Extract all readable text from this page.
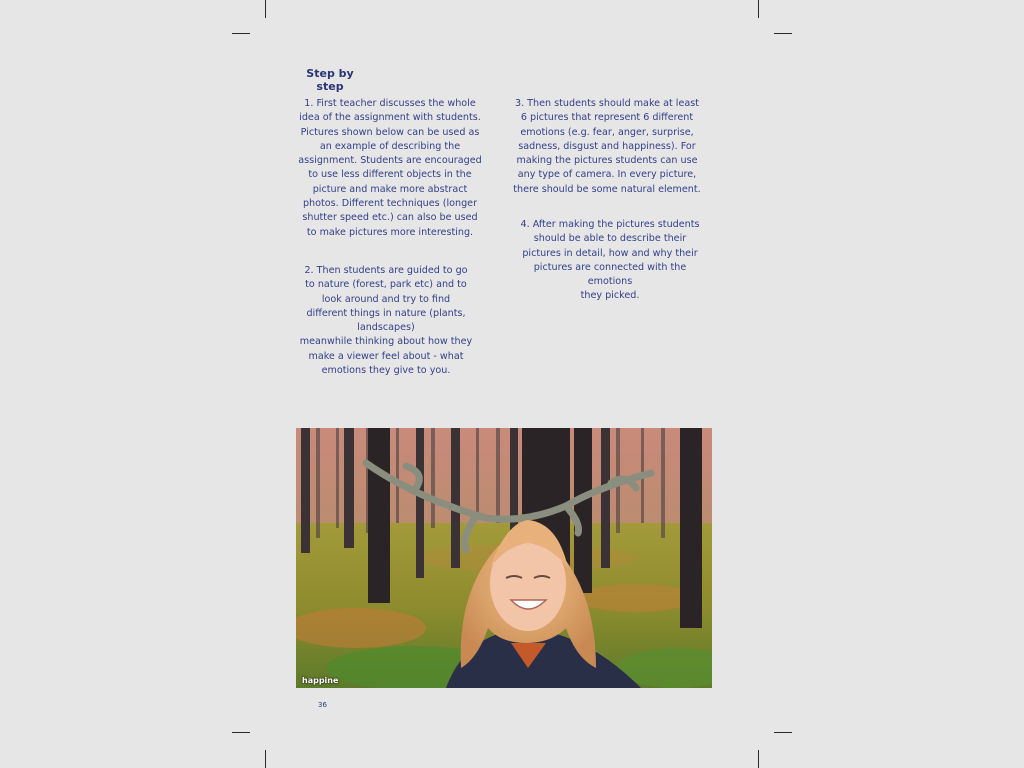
Step by
step
1. First teacher discusses the whole
idea of the assignment with students.
Pictures shown below can be used as
an example of describing the
assignment. Students are encouraged
to use less different objects in the
picture and make more abstract
photos. Different techniques (longer
shutter speed etc.) can also be used
to make pictures more interesting.
2. Then students are guided to go
to nature (forest, park etc) and to
look around and try to find
different things in nature (plants,
landscapes)
meanwhile thinking about how they
make a viewer feel about - what
emotions they give to you.
3. Then students should make at least
6 pictures that represent 6 different
emotions (e.g. fear, anger, surprise,
sadness, disgust and happiness). For
making the pictures students can use
any type of camera. In every picture,
there should be some natural element.
4. After making the pictures students
should be able to describe their
pictures in detail, how and why their
pictures are connected with the
emotions
they picked.
happine
36
